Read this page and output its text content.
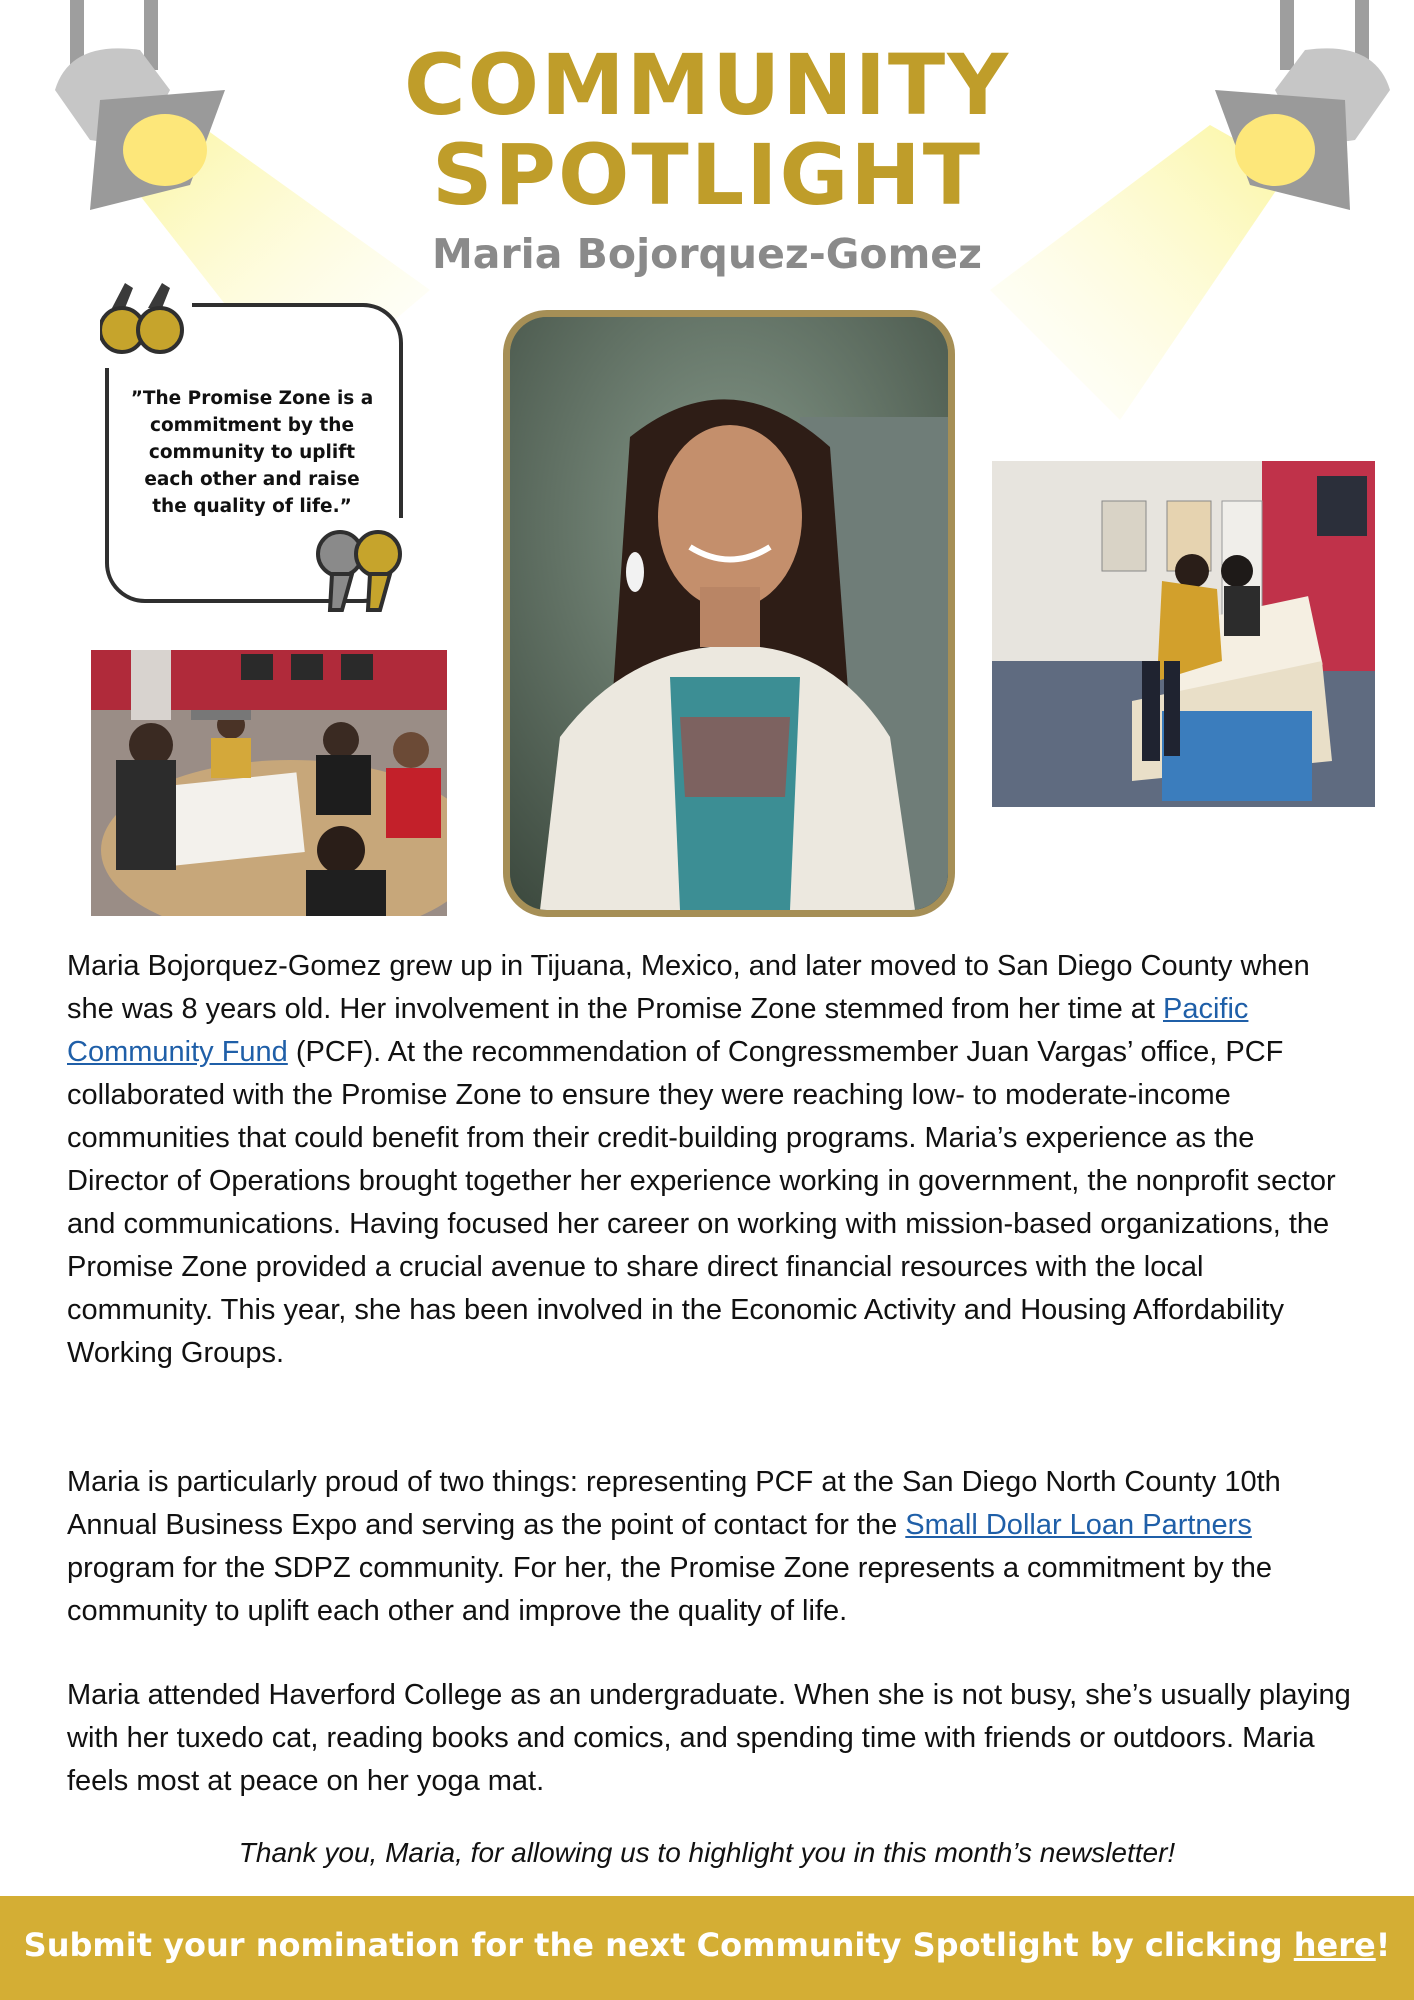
COMMUNITY
SPOTLIGHT
Maria Bojorquez-Gomez
”The Promise Zone is a commitment by the community to uplift each other and raise the quality of life.”
Maria Bojorquez-Gomez grew up in Tijuana, Mexico, and later moved to San Diego County when she was 8 years old. Her involvement in the Promise Zone stemmed from her time at Pacific Community Fund (PCF). At the recommendation of Congressmember Juan Vargas’ office, PCF collaborated with the Promise Zone to ensure they were reaching low- to moderate-income communities that could benefit from their credit-building programs. Maria’s experience as the Director of Operations brought together her experience working in government, the nonprofit sector and communications. Having focused her career on working with mission-based organizations, the Promise Zone provided a crucial avenue to share direct financial resources with the local community. This year, she has been involved in the Economic Activity and Housing Affordability Working Groups.
Maria is particularly proud of two things: representing PCF at the San Diego North County 10th Annual Business Expo and serving as the point of contact for the Small Dollar Loan Partners program for the SDPZ community. For her, the Promise Zone represents a commitment by the community to uplift each other and improve the quality of life.
Maria attended Haverford College as an undergraduate. When she is not busy, she’s usually playing with her tuxedo cat, reading books and comics, and spending time with friends or outdoors. Maria feels most at peace on her yoga mat.
Thank you, Maria, for allowing us to highlight you in this month’s newsletter!
Submit your nomination for the next Community Spotlight by clicking here!
